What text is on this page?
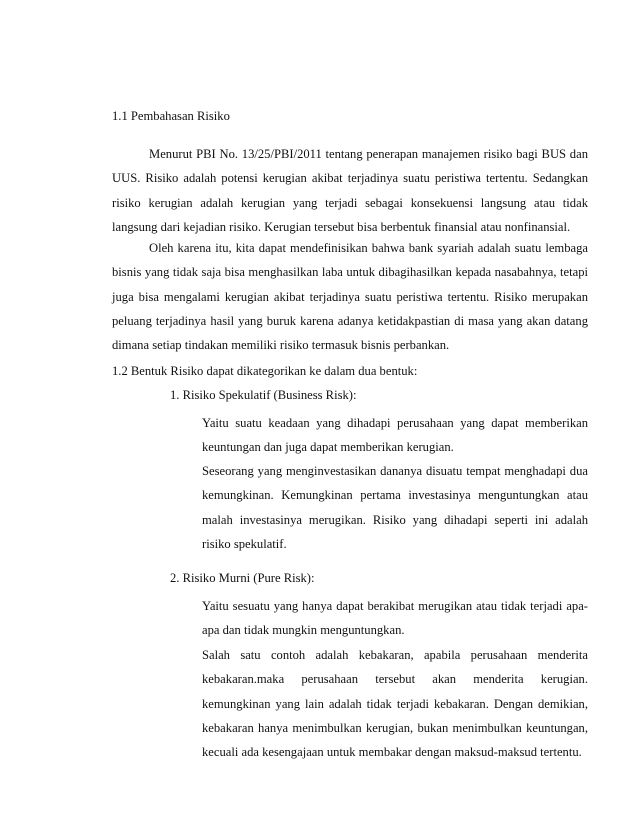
1.1 Pembahasan Risiko

Menurut PBI No. 13/25/PBI/2011 tentang penerapan manajemen risiko bagi BUS dan UUS. Risiko adalah potensi kerugian akibat terjadinya suatu peristiwa tertentu. Sedangkan risiko kerugian adalah kerugian yang terjadi sebagai konsekuensi langsung atau tidak langsung dari kejadian risiko. Kerugian tersebut bisa berbentuk finansial atau nonfinansial.

Oleh karena itu, kita dapat mendefinisikan bahwa bank syariah adalah suatu lembaga bisnis yang tidak saja bisa menghasilkan laba untuk dibagihasilkan kepada nasabahnya, tetapi juga bisa mengalami kerugian akibat terjadinya suatu peristiwa tertentu. Risiko merupakan peluang terjadinya hasil yang buruk karena adanya ketidakpastian di masa yang akan datang dimana setiap tindakan memiliki risiko termasuk bisnis perbankan.

1.2 Bentuk Risiko dapat dikategorikan ke dalam dua bentuk:
1. Risiko Spekulatif (Business Risk):

Yaitu suatu keadaan yang dihadapi perusahaan yang dapat memberikan keuntungan dan juga dapat memberikan kerugian.

Seseorang yang menginvestasikan dananya disuatu tempat menghadapi dua kemungkinan. Kemungkinan pertama investasinya menguntungkan atau malah investasinya merugikan. Risiko yang dihadapi seperti ini adalah risiko spekulatif.

2. Risiko Murni (Pure Risk):

Yaitu sesuatu yang hanya dapat berakibat merugikan atau tidak terjadi apa-apa dan tidak mungkin menguntungkan.

Salah satu contoh adalah kebakaran, apabila perusahaan menderita kebakaran.maka perusahaan tersebut akan menderita kerugian. kemungkinan yang lain adalah tidak terjadi kebakaran. Dengan demikian, kebakaran hanya menimbulkan kerugian, bukan menimbulkan keuntungan, kecuali ada kesengajaan untuk membakar dengan maksud-maksud tertentu.
